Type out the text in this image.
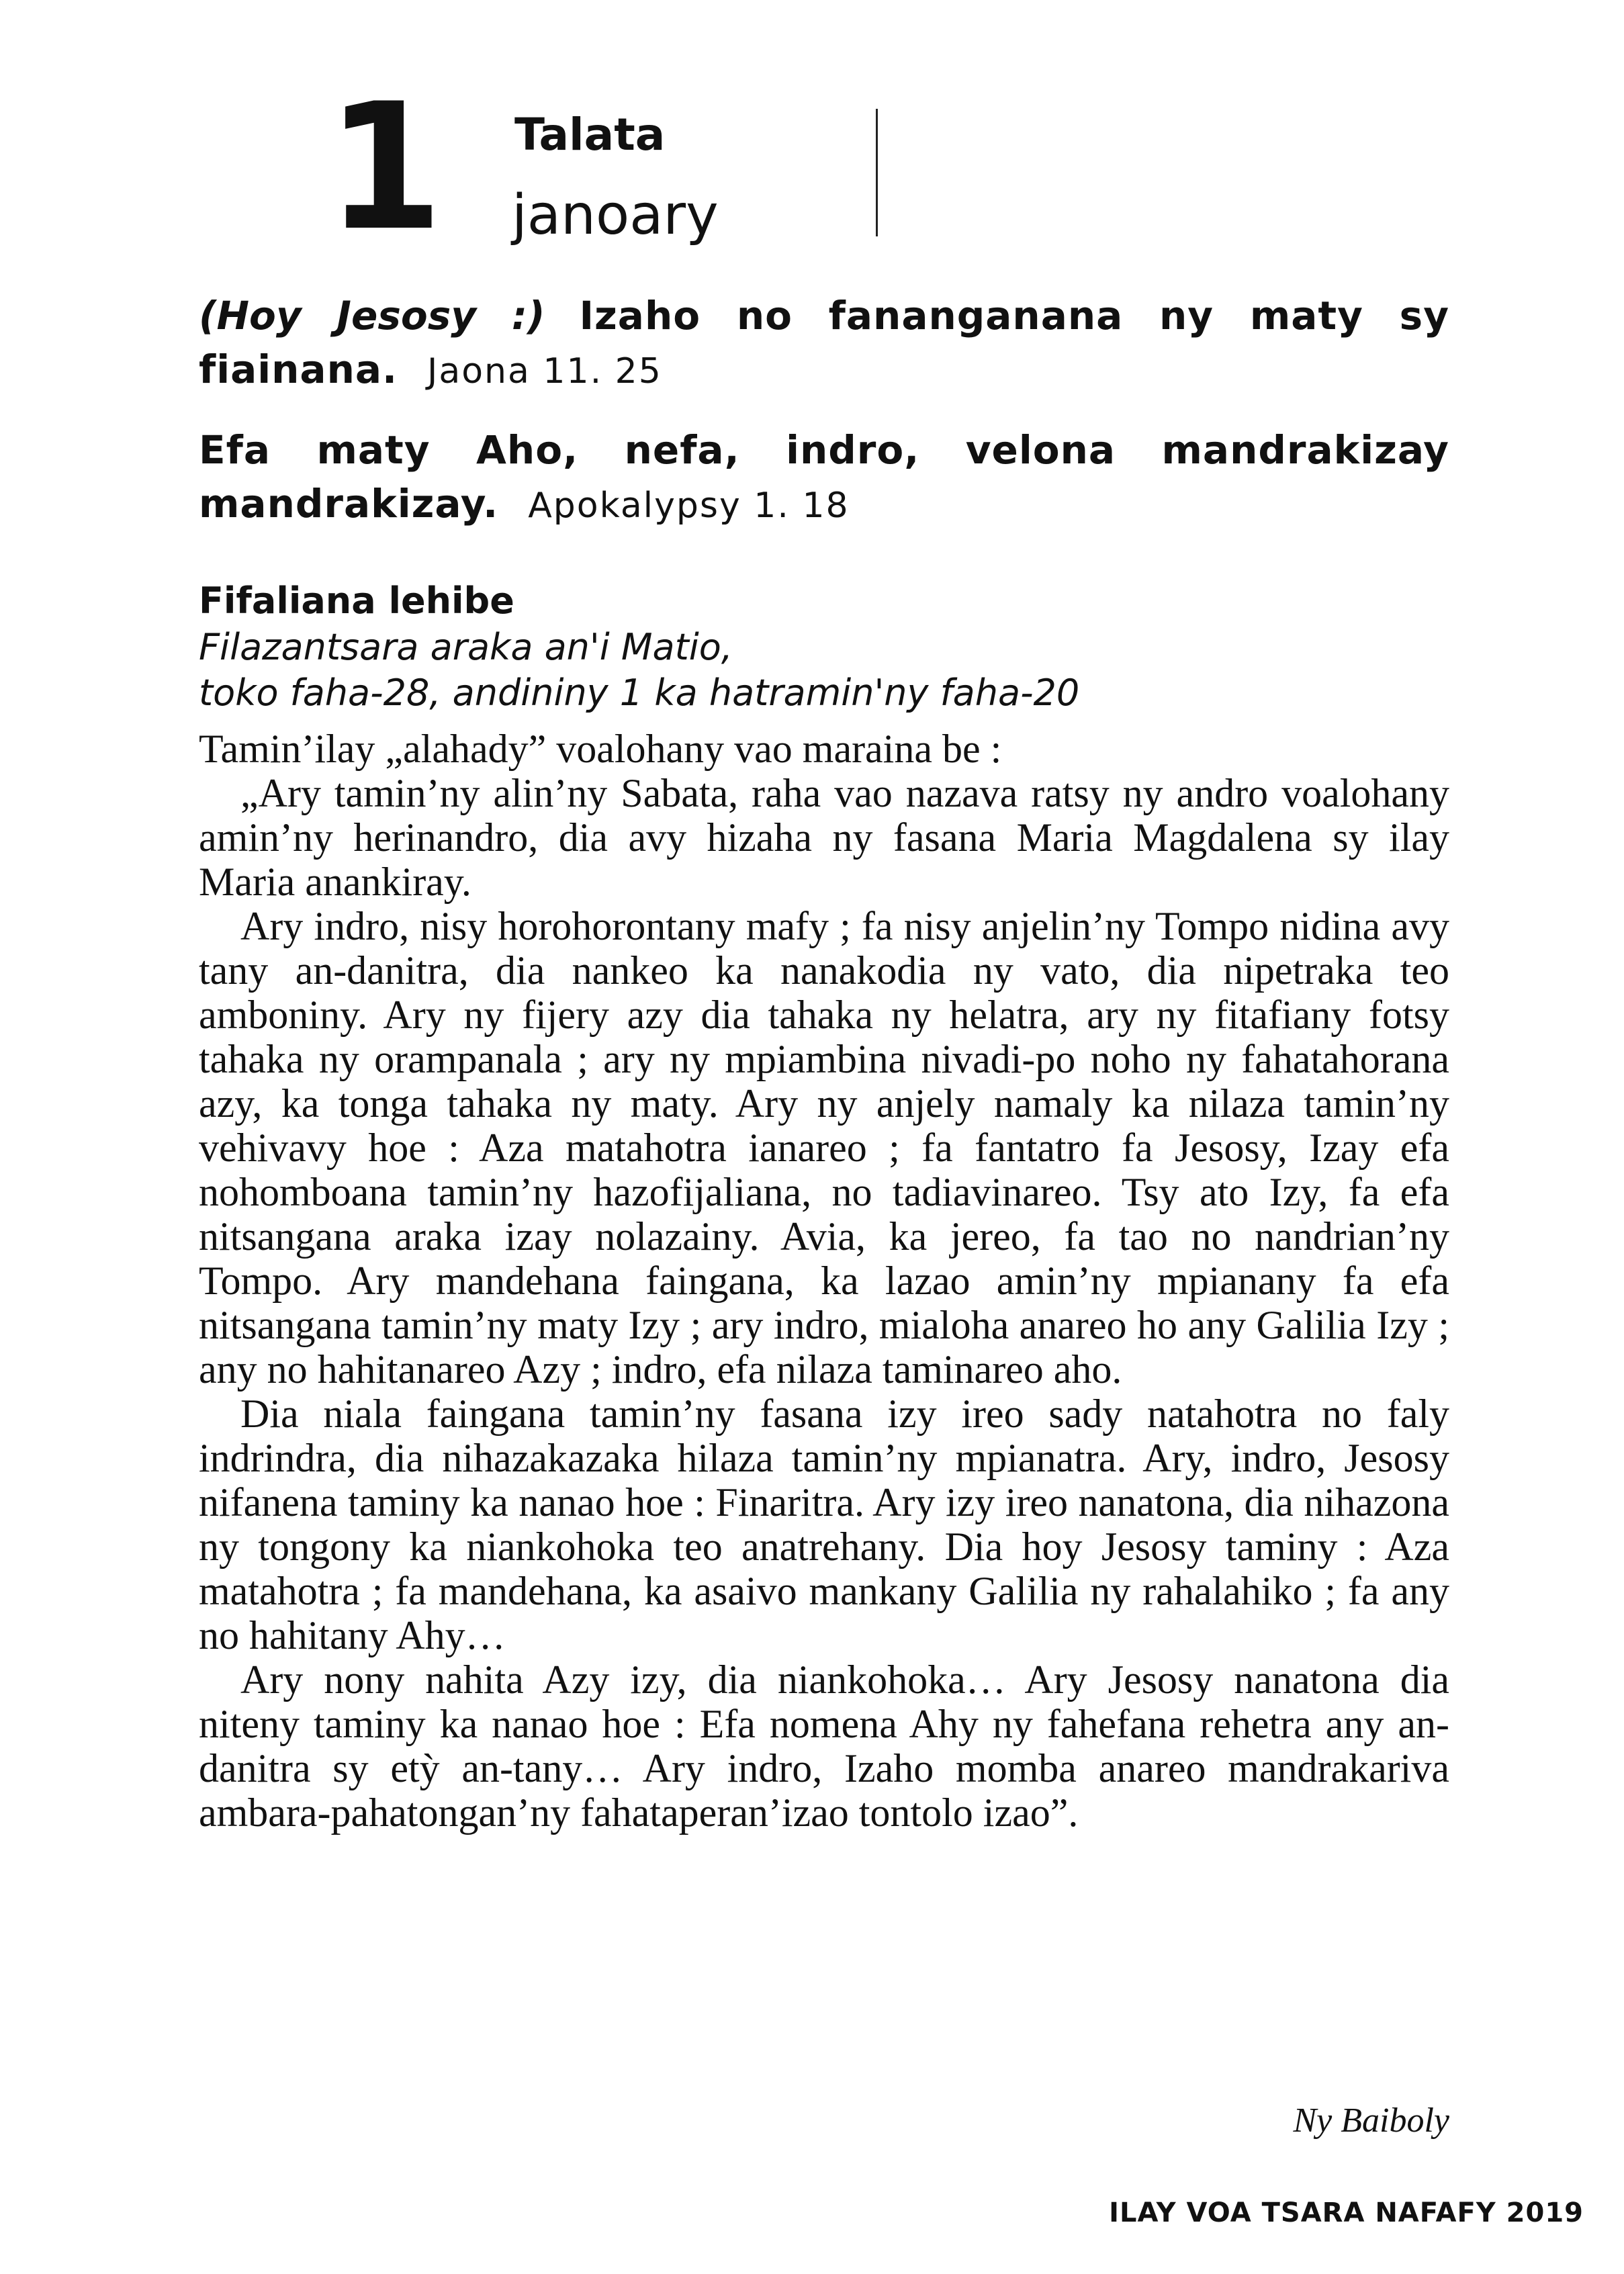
1 Talata
janoary

(Hoy Jesosy :) Izaho no fananganana ny maty sy fiainana. Jaona 11. 25

Efa maty Aho, nefa, indro, velona mandrakizay mandrakizay. Apokalypsy 1. 18

Fifaliana lehibe

Filazantsara araka an'i Matio,

toko faha-28, andininy 1 ka hatramin'ny faha-20

Tamin’ilay „alahady” voalohany vao maraina be :

„Ary tamin’ny alin’ny Sabata, raha vao nazava ratsy ny andro voalohany amin’ny herinandro, dia avy hizaha ny fasana Maria Magdalena sy ilay Maria anankiray.

Ary indro, nisy horohorontany mafy ; fa nisy anjelin’ny Tompo nidina avy tany an-danitra, dia nankeo ka nanakodia ny vato, dia nipetraka teo amboniny. Ary ny fijery azy dia tahaka ny helatra, ary ny fitafiany fotsy tahaka ny orampanala ; ary ny mpiambina nivadi-po noho ny fahatahorana azy, ka tonga tahaka ny maty. Ary ny anjely namaly ka nilaza tamin’ny vehivavy hoe : Aza matahotra ianareo ; fa fantatro fa Jesosy, Izay efa nohomboana tamin’ny hazofijaliana, no tadiavinareo. Tsy ato Izy, fa efa nitsangana araka izay nolazainy. Avia, ka jereo, fa tao no nandrian’ny Tompo. Ary mandehana faingana, ka lazao amin’ny mpianany fa efa nitsangana tamin’ny maty Izy ; ary indro, mialoha anareo ho any Galilia Izy ; any no hahitanareo Azy ; indro, efa nilaza taminareo aho.

Dia niala faingana tamin’ny fasana izy ireo sady natahotra no faly indrindra, dia nihazakazaka hilaza tamin’ny mpianatra. Ary, indro, Jesosy nifanena taminy ka nanao hoe : Finaritra. Ary izy ireo nanatona, dia nihazona ny tongony ka niankohoka teo anatrehany. Dia hoy Jesosy taminy : Aza matahotra ; fa mandehana, ka asaivo mankany Galilia ny rahalahiko ; fa any no hahitany Ahy…

Ary nony nahita Azy izy, dia niankohoka… Ary Jesosy nanatona dia niteny taminy ka nanao hoe : Efa nomena Ahy ny fahefana rehetra any an-danitra sy etỳ an-tany… Ary indro, Izaho momba anareo mandrakariva ambara-pahatongan’ny fahataperan’izao tontolo izao”.

Ny Baiboly
ILAY VOA TSARA NAFAFY 2019
